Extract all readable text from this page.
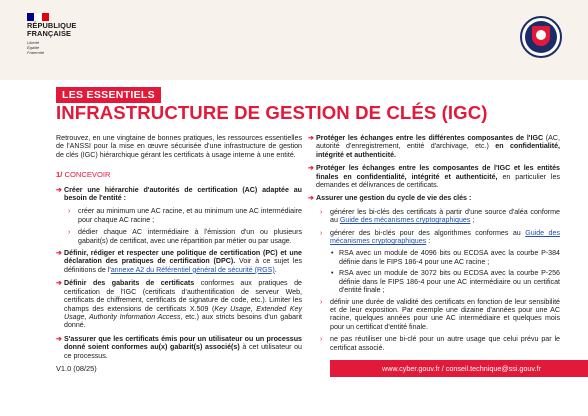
RÉPUBLIQUE
FRANÇAISE
Liberté
Égalité
Fraternité
LES ESSENTIELS
INFRASTRUCTURE DE GESTION DE CLÉS (IGC)

Retrouvez, en une vingtaine de bonnes pratiques, les ressources essentielles de l'ANSSI pour la mise en œuvre sécurisée d'une infrastructure de gestion de clés (IGC) hiérarchique gérant les certificats à usage interne à une entité.

1/ CONCEVOIR
➔ Créer une hiérarchie d'autorités de certification (AC) adaptée au besoin de l'entité :
› créer au minimum une AC racine, et au minimum une AC intermédiaire pour chaque AC racine ;
› dédier chaque AC intermédiaire à l'émission d'un ou plusieurs gabarit(s) de certificat, avec une répartition par métier ou par usage.
➔ Définir, rédiger et respecter une politique de certification (PC) et une déclaration des pratiques de certification (DPC). Voir à ce sujet les définitions de l'annexe A2 du Référentiel général de sécurité (RGS).
➔ Définir des gabarits de certificats conformes aux pratiques de certification de l'IGC (certificats d'authentification de serveur Web, certificats de chiffrement, certificats de signature de code, etc.). Limiter les champs des extensions de certificats X.509 (Key Usage, Extended Key Usage, Authority Information Access, etc.) aux stricts besoins d'un gabarit donné.
➔ S'assurer que les certificats émis pour un utilisateur ou un processus donné soient conformes au(x) gabarit(s) associé(s) à cet utilisateur ou ce processus.
➔ Protéger les échanges entre les différentes composantes de l'IGC (AC, autorité d'enregistrement, entité d'archivage, etc.) en confidentialité, intégrité et authenticité.
➔ Protéger les échanges entre les composantes de l'IGC et les entités finales en confidentialité, intégrité et authenticité, en particulier les demandes et délivrances de certificats.
➔ Assurer une gestion du cycle de vie des clés :
› générer les bi-clés des certificats à partir d'une source d'aléa conforme au Guide des mécanismes cryptographiques ;
› générer des bi-clés pour des algorithmes conformes au Guide des mécanismes cryptographiques :
• RSA avec un module de 4096 bits ou ECDSA avec la courbe P-384 définie dans le FIPS 186-4 pour une AC racine ;
• RSA avec un module de 3072 bits ou ECDSA avec la courbe P-256 définie dans le FIPS 186-4 pour une AC intermédiaire ou un certificat d'entité finale ;
› définir une durée de validité des certificats en fonction de leur sensibilité et de leur exposition. Par exemple une dizaine d'années pour une AC racine, quelques années pour une AC intermédiaire et quelques mois pour un certificat d'entité finale.
› ne pas réutiliser une bi-clé pour un autre usage que celui prévu par le certificat associé.
V1.0 (08/25)	www.cyber.gouv.fr / conseil.technique@ssi.gouv.fr
